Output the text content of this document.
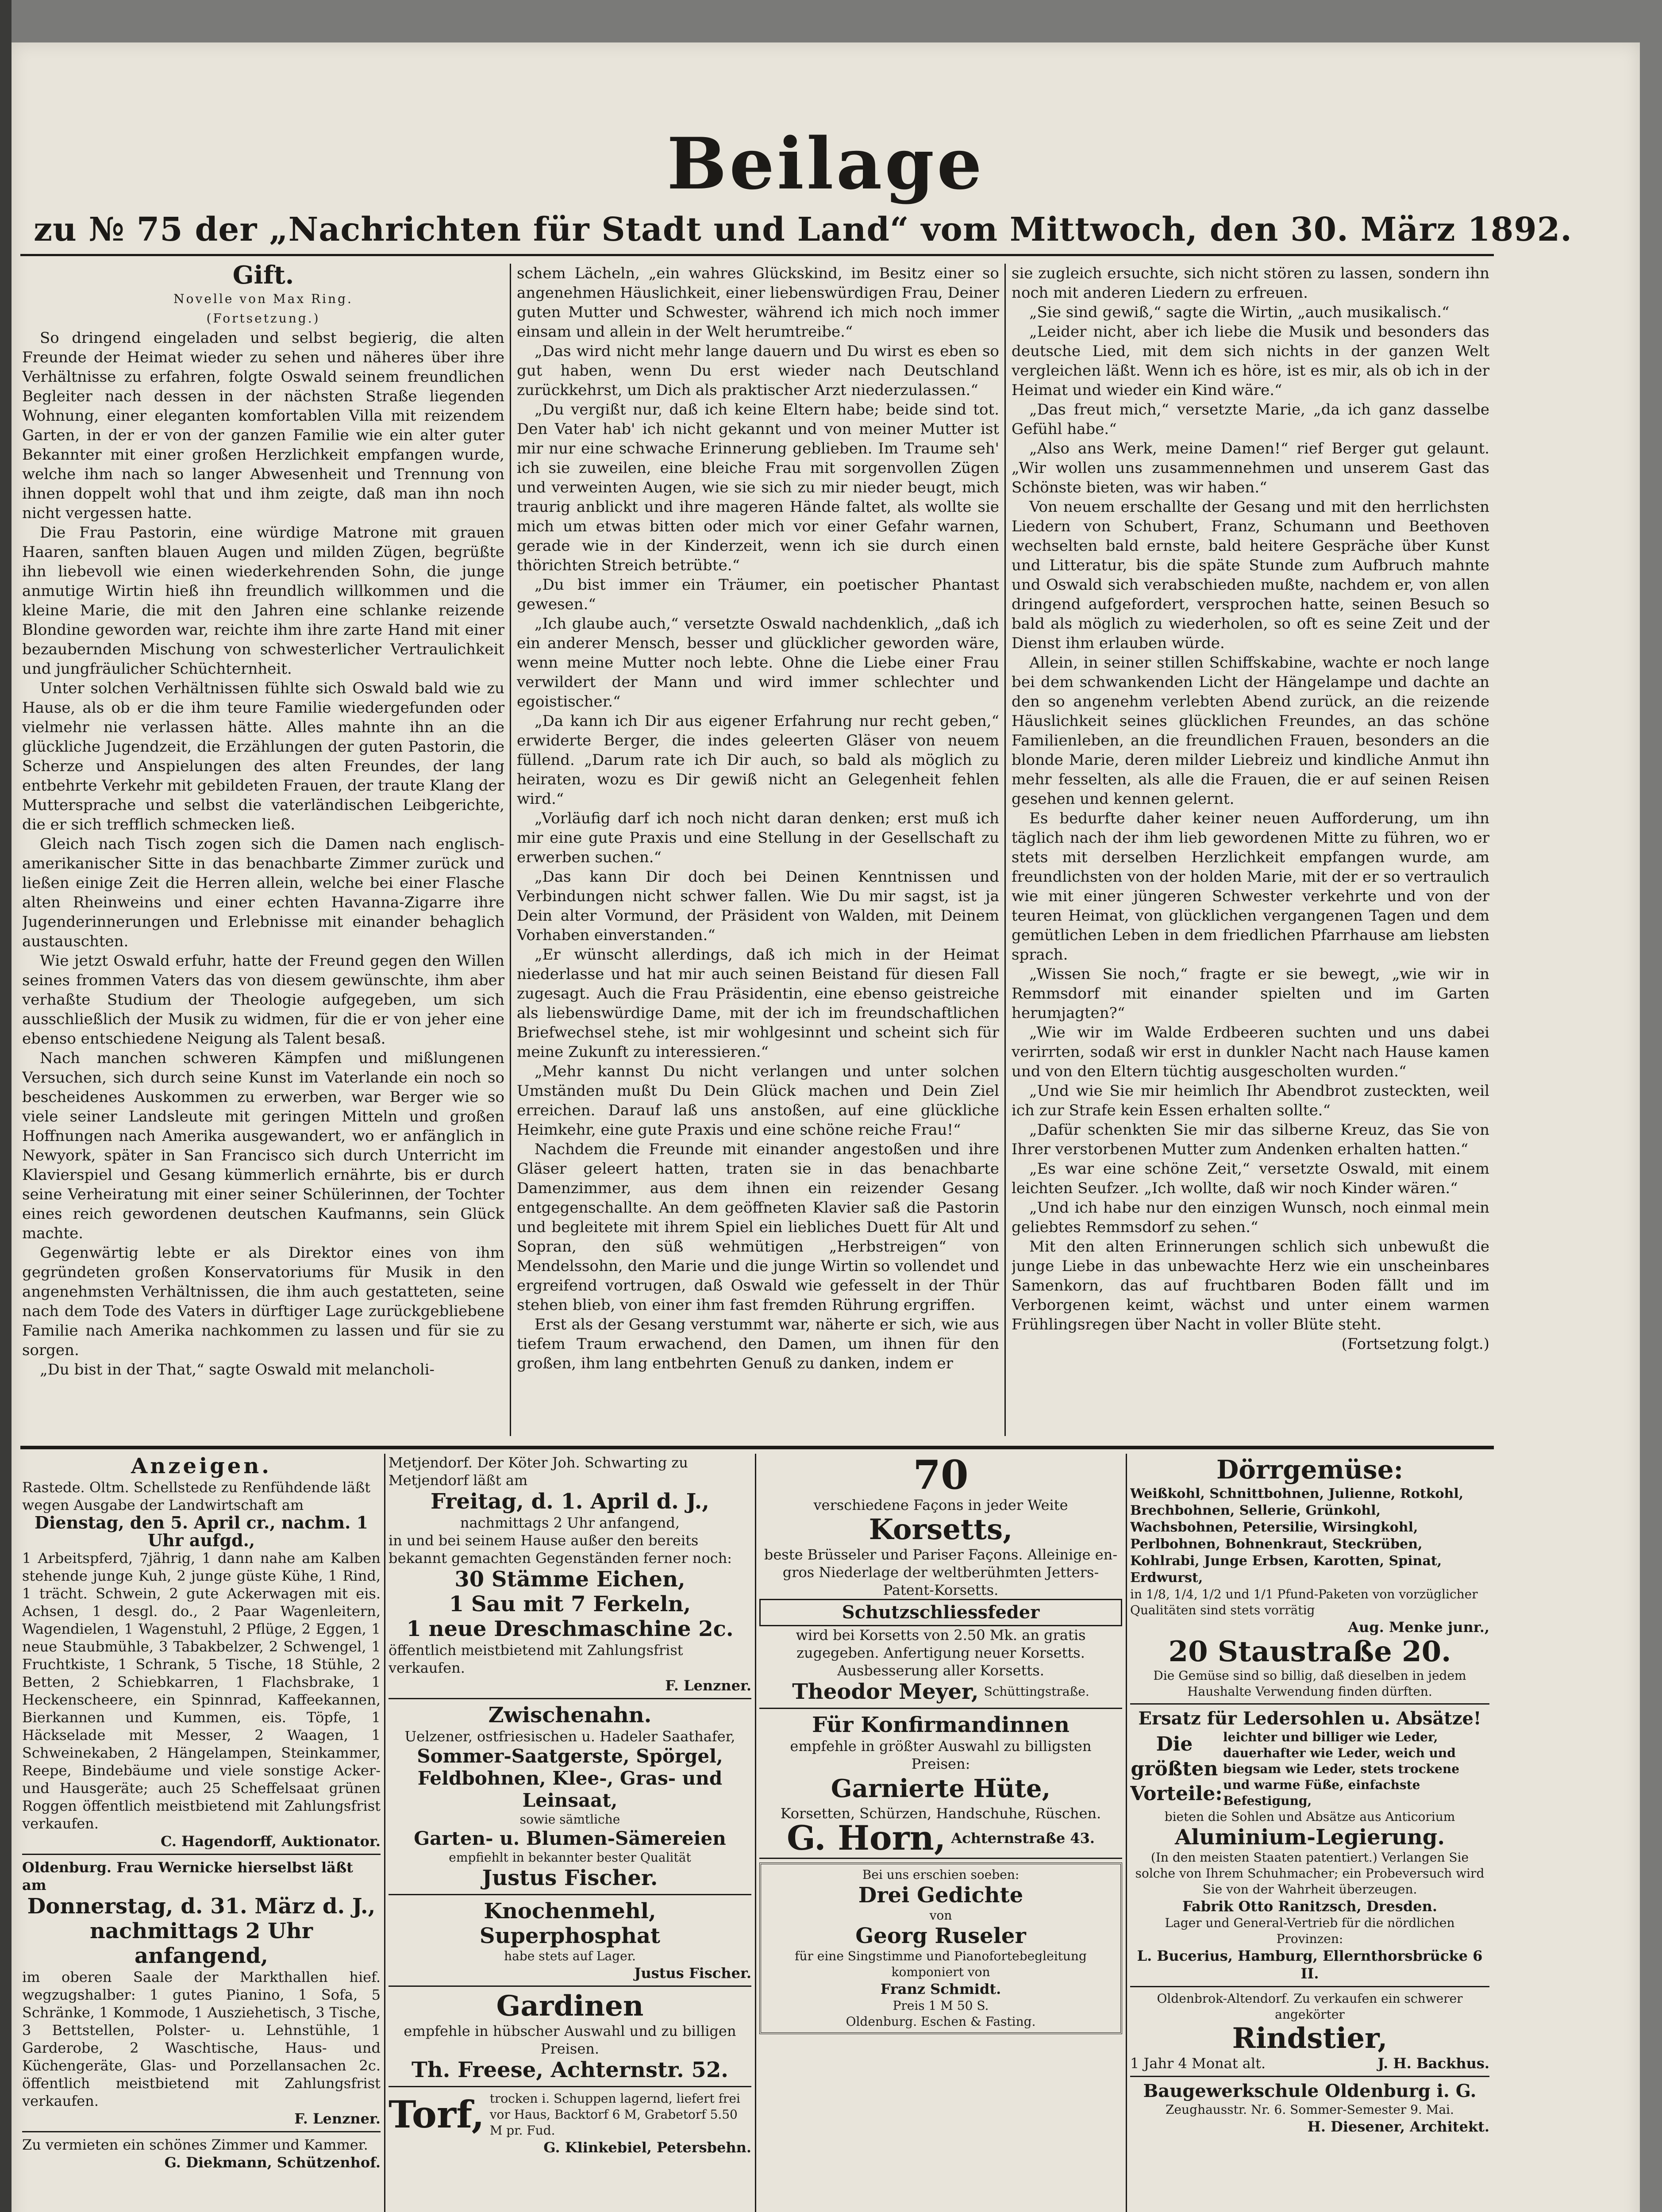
Beilage
zu № 75 der „Nachrichten für Stadt und Land“ vom Mittwoch, den 30. März 1892.
Gift.
Novelle von Max Ring.
(Fortsetzung.)

So dringend eingeladen und selbst begierig, die alten Freunde der Heimat wieder zu sehen und näheres über ihre Verhältnisse zu erfahren, folgte Oswald seinem freundlichen Begleiter nach dessen in der nächsten Straße liegenden Wohnung, einer eleganten komfortablen Villa mit reizendem Garten, in der er von der ganzen Familie wie ein alter guter Bekannter mit einer großen Herzlichkeit empfangen wurde, welche ihm nach so langer Abwesenheit und Trennung von ihnen doppelt wohl that und ihm zeigte, daß man ihn noch nicht vergessen hatte.

Die Frau Pastorin, eine würdige Matrone mit grauen Haaren, sanften blauen Augen und milden Zügen, begrüßte ihn liebevoll wie einen wiederkehrenden Sohn, die junge anmutige Wirtin hieß ihn freundlich willkommen und die kleine Marie, die mit den Jahren eine schlanke reizende Blondine geworden war, reichte ihm ihre zarte Hand mit einer bezaubernden Mischung von schwesterlicher Vertraulichkeit und jungfräulicher Schüchternheit.

Unter solchen Verhältnissen fühlte sich Oswald bald wie zu Hause, als ob er die ihm teure Familie wiedergefunden oder vielmehr nie verlassen hätte. Alles mahnte ihn an die glückliche Jugendzeit, die Erzählungen der guten Pastorin, die Scherze und Anspielungen des alten Freundes, der lang entbehrte Verkehr mit gebildeten Frauen, der traute Klang der Muttersprache und selbst die vaterländischen Leibgerichte, die er sich trefflich schmecken ließ.

Gleich nach Tisch zogen sich die Damen nach englisch-amerikanischer Sitte in das benachbarte Zimmer zurück und ließen einige Zeit die Herren allein, welche bei einer Flasche alten Rheinweins und einer echten Havanna-Zigarre ihre Jugenderinnerungen und Erlebnisse mit einander behaglich austauschten.

Wie jetzt Oswald erfuhr, hatte der Freund gegen den Willen seines frommen Vaters das von diesem gewünschte, ihm aber verhaßte Studium der Theologie aufgegeben, um sich ausschließlich der Musik zu widmen, für die er von jeher eine ebenso entschiedene Neigung als Talent besaß.

Nach manchen schweren Kämpfen und mißlungenen Versuchen, sich durch seine Kunst im Vaterlande ein noch so bescheidenes Auskommen zu erwerben, war Berger wie so viele seiner Landsleute mit geringen Mitteln und großen Hoffnungen nach Amerika ausgewandert, wo er anfänglich in Newyork, später in San Francisco sich durch Unterricht im Klavierspiel und Gesang kümmerlich ernährte, bis er durch seine Verheiratung mit einer seiner Schülerinnen, der Tochter eines reich gewordenen deutschen Kaufmanns, sein Glück machte.

Gegenwärtig lebte er als Direktor eines von ihm gegründeten großen Konservatoriums für Musik in den angenehmsten Verhältnissen, die ihm auch gestatteten, seine nach dem Tode des Vaters in dürftiger Lage zurückgebliebene Familie nach Amerika nachkommen zu lassen und für sie zu sorgen.

„Du bist in der That,“ sagte Oswald mit melancholi-

schem Lächeln, „ein wahres Glückskind, im Besitz einer so angenehmen Häuslichkeit, einer liebenswürdigen Frau, Deiner guten Mutter und Schwester, während ich mich noch immer einsam und allein in der Welt herumtreibe.“

„Das wird nicht mehr lange dauern und Du wirst es eben so gut haben, wenn Du erst wieder nach Deutschland zurückkehrst, um Dich als praktischer Arzt niederzulassen.“

„Du vergißt nur, daß ich keine Eltern habe; beide sind tot. Den Vater hab' ich nicht gekannt und von meiner Mutter ist mir nur eine schwache Erinnerung geblieben. Im Traume seh' ich sie zuweilen, eine bleiche Frau mit sorgenvollen Zügen und verweinten Augen, wie sie sich zu mir nieder beugt, mich traurig anblickt und ihre mageren Hände faltet, als wollte sie mich um etwas bitten oder mich vor einer Gefahr warnen, gerade wie in der Kinderzeit, wenn ich sie durch einen thörichten Streich betrübte.“

„Du bist immer ein Träumer, ein poetischer Phantast gewesen.“

„Ich glaube auch,“ versetzte Oswald nachdenklich, „daß ich ein anderer Mensch, besser und glücklicher geworden wäre, wenn meine Mutter noch lebte. Ohne die Liebe einer Frau verwildert der Mann und wird immer schlechter und egoistischer.“

„Da kann ich Dir aus eigener Erfahrung nur recht geben,“ erwiderte Berger, die indes geleerten Gläser von neuem füllend. „Darum rate ich Dir auch, so bald als möglich zu heiraten, wozu es Dir gewiß nicht an Gelegenheit fehlen wird.“

„Vorläufig darf ich noch nicht daran denken; erst muß ich mir eine gute Praxis und eine Stellung in der Gesellschaft zu erwerben suchen.“

„Das kann Dir doch bei Deinen Kenntnissen und Verbindungen nicht schwer fallen. Wie Du mir sagst, ist ja Dein alter Vormund, der Präsident von Walden, mit Deinem Vorhaben einverstanden.“

„Er wünscht allerdings, daß ich mich in der Heimat niederlasse und hat mir auch seinen Beistand für diesen Fall zugesagt. Auch die Frau Präsidentin, eine ebenso geistreiche als liebenswürdige Dame, mit der ich im freundschaftlichen Briefwechsel stehe, ist mir wohlgesinnt und scheint sich für meine Zukunft zu interessieren.“

„Mehr kannst Du nicht verlangen und unter solchen Umständen mußt Du Dein Glück machen und Dein Ziel erreichen. Darauf laß uns anstoßen, auf eine glückliche Heimkehr, eine gute Praxis und eine schöne reiche Frau!“

Nachdem die Freunde mit einander angestoßen und ihre Gläser geleert hatten, traten sie in das benachbarte Damenzimmer, aus dem ihnen ein reizender Gesang entgegenschallte. An dem geöffneten Klavier saß die Pastorin und begleitete mit ihrem Spiel ein liebliches Duett für Alt und Sopran, den süß wehmütigen „Herbstreigen“ von Mendelssohn, den Marie und die junge Wirtin so vollendet und ergreifend vortrugen, daß Oswald wie gefesselt in der Thür stehen blieb, von einer ihm fast fremden Rührung ergriffen.

Erst als der Gesang verstummt war, näherte er sich, wie aus tiefem Traum erwachend, den Damen, um ihnen für den großen, ihm lang entbehrten Genuß zu danken, indem er

sie zugleich ersuchte, sich nicht stören zu lassen, sondern ihn noch mit anderen Liedern zu erfreuen.

„Sie sind gewiß,“ sagte die Wirtin, „auch musikalisch.“

„Leider nicht, aber ich liebe die Musik und besonders das deutsche Lied, mit dem sich nichts in der ganzen Welt vergleichen läßt. Wenn ich es höre, ist es mir, als ob ich in der Heimat und wieder ein Kind wäre.“

„Das freut mich,“ versetzte Marie, „da ich ganz dasselbe Gefühl habe.“

„Also ans Werk, meine Damen!“ rief Berger gut gelaunt. „Wir wollen uns zusammennehmen und unserem Gast das Schönste bieten, was wir haben.“

Von neuem erschallte der Gesang und mit den herrlichsten Liedern von Schubert, Franz, Schumann und Beethoven wechselten bald ernste, bald heitere Gespräche über Kunst und Litteratur, bis die späte Stunde zum Aufbruch mahnte und Oswald sich verabschieden mußte, nachdem er, von allen dringend aufgefordert, versprochen hatte, seinen Besuch so bald als möglich zu wiederholen, so oft es seine Zeit und der Dienst ihm erlauben würde.

Allein, in seiner stillen Schiffskabine, wachte er noch lange bei dem schwankenden Licht der Hängelampe und dachte an den so angenehm verlebten Abend zurück, an die reizende Häuslichkeit seines glücklichen Freundes, an das schöne Familienleben, an die freundlichen Frauen, besonders an die blonde Marie, deren milder Liebreiz und kindliche Anmut ihn mehr fesselten, als alle die Frauen, die er auf seinen Reisen gesehen und kennen gelernt.

Es bedurfte daher keiner neuen Aufforderung, um ihn täglich nach der ihm lieb gewordenen Mitte zu führen, wo er stets mit derselben Herzlichkeit empfangen wurde, am freundlichsten von der holden Marie, mit der er so vertraulich wie mit einer jüngeren Schwester verkehrte und von der teuren Heimat, von glücklichen vergangenen Tagen und dem gemütlichen Leben in dem friedlichen Pfarrhause am liebsten sprach.

„Wissen Sie noch,“ fragte er sie bewegt, „wie wir in Remmsdorf mit einander spielten und im Garten herumjagten?“

„Wie wir im Walde Erdbeeren suchten und uns dabei verirrten, sodaß wir erst in dunkler Nacht nach Hause kamen und von den Eltern tüchtig ausgescholten wurden.“

„Und wie Sie mir heimlich Ihr Abendbrot zusteckten, weil ich zur Strafe kein Essen erhalten sollte.“

„Dafür schenkten Sie mir das silberne Kreuz, das Sie von Ihrer verstorbenen Mutter zum Andenken erhalten hatten.“

„Es war eine schöne Zeit,“ versetzte Oswald, mit einem leichten Seufzer. „Ich wollte, daß wir noch Kinder wären.“

„Und ich habe nur den einzigen Wunsch, noch einmal mein geliebtes Remmsdorf zu sehen.“

Mit den alten Erinnerungen schlich sich unbewußt die junge Liebe in das unbewachte Herz wie ein unscheinbares Samenkorn, das auf fruchtbaren Boden fällt und im Verborgenen keimt, wächst und unter einem warmen Frühlingsregen über Nacht in voller Blüte steht.

(Fortsetzung folgt.)

Anzeigen.
Rastede. Oltm. Schellstede zu Renfühdende läßt wegen Ausgabe der Landwirtschaft am
Dienstag, den 5. April cr., nachm. 1 Uhr aufgd.,
1 Arbeitspferd, 7jährig, 1 dann nahe am Kalben stehende junge Kuh, 2 junge güste Kühe, 1 Rind, 1 trächt. Schwein, 2 gute Ackerwagen mit eis. Achsen, 1 desgl. do., 2 Paar Wagenleitern, Wagendielen, 1 Wagenstuhl, 2 Pflüge, 2 Eggen, 1 neue Staubmühle, 3 Tabakbelzer, 2 Schwengel, 1 Fruchtkiste, 1 Schrank, 5 Tische, 18 Stühle, 2 Betten, 2 Schiebkarren, 1 Flachsbrake, 1 Heckenscheere, ein Spinnrad, Kaffeekannen, Bierkannen und Kummen, eis. Töpfe, 1 Häckselade mit Messer, 2 Waagen, 1 Schweinekaben, 2 Hängelampen, Steinkammer, Reepe, Bindebäume und viele sonstige Acker- und Hausgeräte; auch 25 Scheffelsaat grünen Roggen öffentlich meistbietend mit Zahlungsfrist verkaufen.
C. Hagendorff, Auktionator.
Oldenburg. Frau Wernicke hierselbst läßt am
Donnerstag, d. 31. März d. J., nachmittags 2 Uhr anfangend,
im oberen Saale der Markthallen hief. wegzugshalber: 1 gutes Pianino, 1 Sofa, 5 Schränke, 1 Kommode, 1 Ausziehetisch, 3 Tische, 3 Bettstellen, Polster- u. Lehnstühle, 1 Garderobe, 2 Waschtische, Haus- und Küchengeräte, Glas- und Porzellansachen 2c. öffentlich meistbietend mit Zahlungsfrist verkaufen.
F. Lenzner.
Zu vermieten ein schönes Zimmer und Kammer.
G. Diekmann, Schützenhof.
Metjendorf. Der Köter Joh. Schwarting zu Metjendorf läßt am
Freitag, d. 1. April d. J.,
nachmittags 2 Uhr anfangend,
in und bei seinem Hause außer den bereits bekannt gemachten Gegenständen ferner noch:
30 Stämme Eichen,
1 Sau mit 7 Ferkeln,
1 neue Dreschmaschine 2c.
öffentlich meistbietend mit Zahlungsfrist verkaufen.
F. Lenzner.
Zwischenahn.
Uelzener, ostfriesischen u. Hadeler Saathafer,
Sommer-Saatgerste, Spörgel, Feldbohnen, Klee-, Gras- und Leinsaat,
sowie sämtliche
Garten- u. Blumen-Sämereien
empfiehlt in bekannter bester Qualität
Justus Fischer.
Knochenmehl,
Superphosphat
habe stets auf Lager.
Justus Fischer.
Gardinen
empfehle in hübscher Auswahl und zu billigen Preisen.
Th. Freese, Achternstr. 52.
Torf, trocken i. Schuppen lagernd, liefert frei vor Haus, Backtorf 6 M, Grabetorf 5.50 M pr. Fud.
G. Klinkebiel, Petersbehn.
70
verschiedene Façons in jeder Weite
Korsetts,
beste Brüsseler und Pariser Façons. Alleinige en-gros Niederlage der weltberühmten Jetters-Patent-Korsetts.
Schutzschliessfeder
wird bei Korsetts von 2.50 Mk. an gratis zugegeben. Anfertigung neuer Korsetts. Ausbesserung aller Korsetts.
Theodor Meyer, Schüttingstraße.
Für Konfirmandinnen
empfehle in größter Auswahl zu billigsten Preisen:
Garnierte Hüte,
Korsetten, Schürzen, Handschuhe, Rüschen.
G. Horn, Achternstraße 43.
Bei uns erschien soeben:
Drei Gedichte
von
Georg Ruseler
für eine Singstimme und Pianofortebegleitung komponiert von
Franz Schmidt.
Preis 1 M 50 S.
Oldenburg. Eschen & Fasting.
Dörrgemüse:
Weißkohl, Schnittbohnen, Julienne, Rotkohl, Brechbohnen, Sellerie, Grünkohl, Wachsbohnen, Petersilie, Wirsingkohl, Perlbohnen, Bohnenkraut, Steckrüben, Kohlrabi, Junge Erbsen, Karotten, Spinat, Erdwurst,
in 1/8, 1/4, 1/2 und 1/1 Pfund-Paketen von vorzüglicher Qualitäten sind stets vorrätig
Aug. Menke junr.,
20 Staustraße 20.
Die Gemüse sind so billig, daß dieselben in jedem Haushalte Verwendung finden dürften.
Ersatz für Ledersohlen u. Absätze!
Die größten Vorteile:
leichter und billiger wie Leder, dauerhafter wie Leder, weich und biegsam wie Leder, stets trockene und warme Füße, einfachste Befestigung,
bieten die Sohlen und Absätze aus Anticorium
Aluminium-Legierung.
(In den meisten Staaten patentiert.) Verlangen Sie solche von Ihrem Schuhmacher; ein Probeversuch wird Sie von der Wahrheit überzeugen.
Fabrik Otto Ranitzsch, Dresden.
Lager und General-Vertrieb für die nördlichen Provinzen:
L. Bucerius, Hamburg, Ellernthorsbrücke 6 II.
Oldenbrok-Altendorf. Zu verkaufen ein schwerer angekörter
Rindstier,
1 Jahr 4 Monat alt.	J. H. Backhus.
Baugewerkschule Oldenburg i. G.
Zeughausstr. Nr. 6. Sommer-Semester 9. Mai.
H. Diesener, Architekt.
